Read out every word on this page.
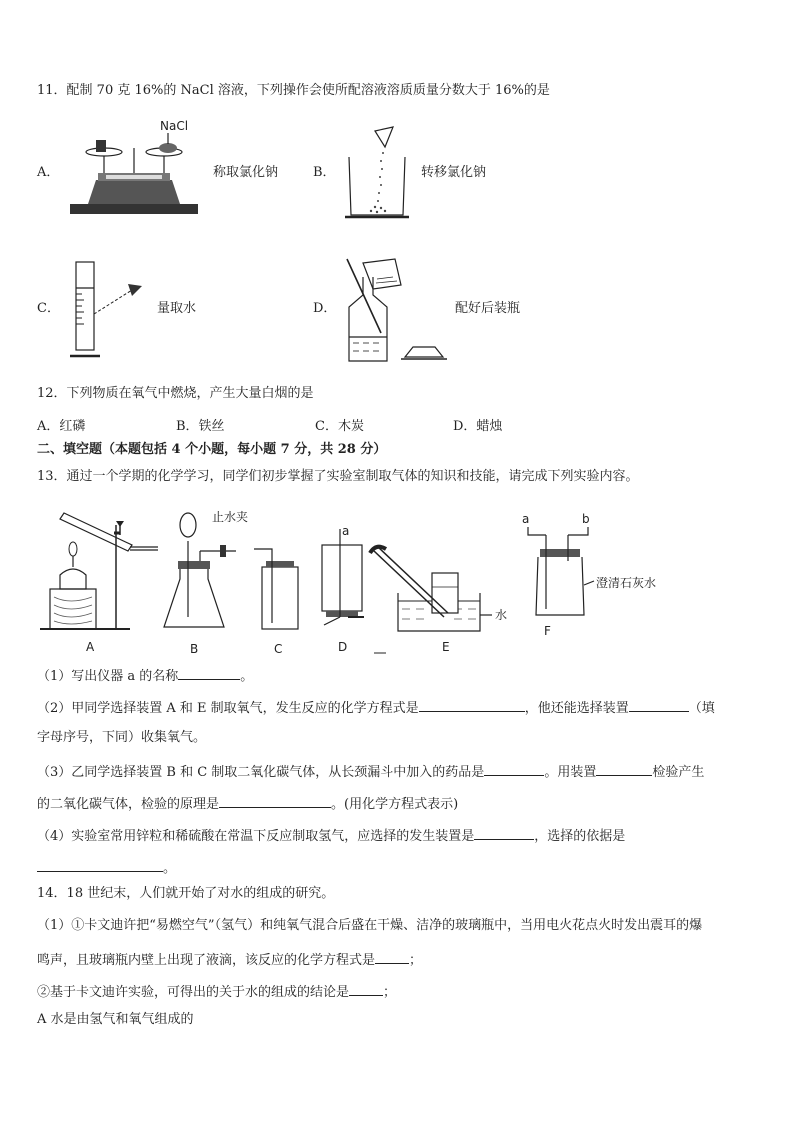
11．配制 70 克 16%的 NaCl 溶液，下列操作会使所配溶液溶质质量分数大于 16%的是
A．
NaCl
称取氯化钠	B．	转移氯化钠
C．	量取水	D．	配好后装瓶
12．下列物质在氧气中燃烧，产生大量白烟的是
A．红磷	B．铁丝	C．木炭	D．蜡烛
二、填空题（本题包括 4 个小题，每小题 7 分，共 28 分）
13．通过一个学期的化学学习，同学们初步掌握了实验室制取气体的知识和技能，请完成下列实验内容。
A
止水夹
B	C
a
D
水
E
a	b
澄清石灰水
F
（1）写出仪器 a 的名称	。
（2）甲同学选择装置 A 和 E 制取氧气，发生反应的化学方程式是	，他还能选择装置	（填
字母序号，下同）收集氧气。
（3）乙同学选择装置 B 和 C 制取二氧化碳气体，从长颈漏斗中加入的药品是	。用装置	检验产生
的二氧化碳气体，检验的原理是	。(用化学方程式表示)
（4）实验室常用锌粒和稀硫酸在常温下反应制取氢气，应选择的发生装置是	，选择的依据是
。
14．18 世纪末，人们就开始了对水的组成的研究。
（1）①卡文迪许把“易燃空气”（氢气）和纯氧气混合后盛在干燥、洁净的玻璃瓶中，当用电火花点火时发出震耳的爆
鸣声，且玻璃瓶内壁上出现了液滴，该反应的化学方程式是	；
②基于卡文迪许实验，可得出的关于水的组成的结论是	；
A 水是由氢气和氧气组成的
